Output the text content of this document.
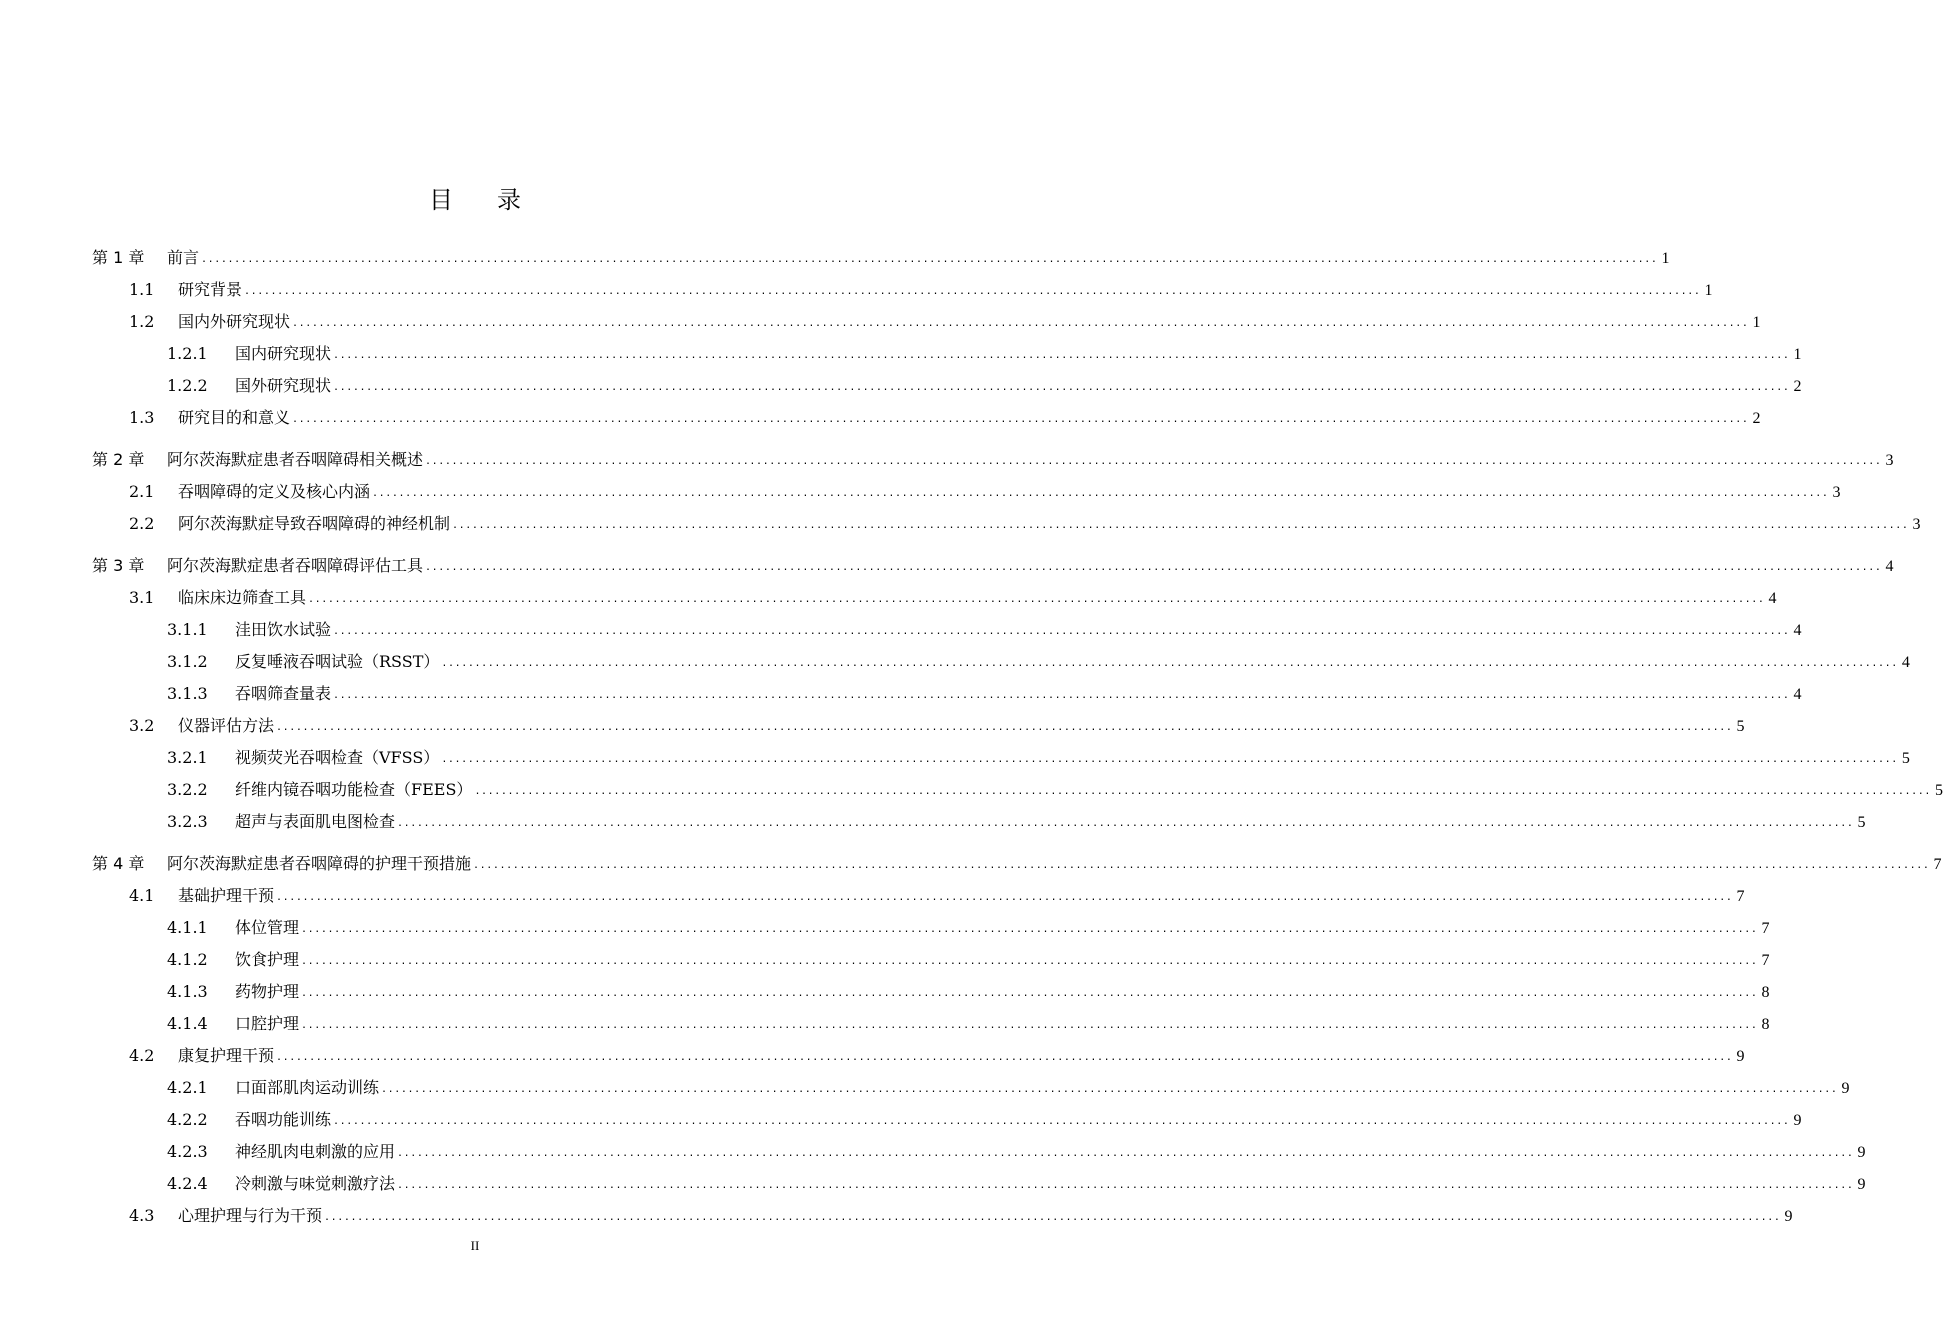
目 录
第 1 章	前言 ............................................................................................................................................................................................................................ 1
1.1	研究背景 ............................................................................................................................................................................................................................ 1
1.2	国内外研究现状 ............................................................................................................................................................................................................................ 1
1.2.1	国内研究现状 ............................................................................................................................................................................................................................ 1
1.2.2	国外研究现状 ............................................................................................................................................................................................................................ 2
1.3	研究目的和意义 ............................................................................................................................................................................................................................ 2
第 2 章	阿尔茨海默症患者吞咽障碍相关概述 ............................................................................................................................................................................................................................ 3
2.1	吞咽障碍的定义及核心内涵 ............................................................................................................................................................................................................................ 3
2.2	阿尔茨海默症导致吞咽障碍的神经机制 ............................................................................................................................................................................................................................ 3
第 3 章	阿尔茨海默症患者吞咽障碍评估工具 ............................................................................................................................................................................................................................ 4
3.1	临床床边筛查工具 ............................................................................................................................................................................................................................ 4
3.1.1	洼田饮水试验 ............................................................................................................................................................................................................................ 4
3.1.2	反复唾液吞咽试验（RSST） ............................................................................................................................................................................................................................ 4
3.1.3	吞咽筛查量表 ............................................................................................................................................................................................................................ 4
3.2	仪器评估方法 ............................................................................................................................................................................................................................ 5
3.2.1	视频荧光吞咽检查（VFSS） ............................................................................................................................................................................................................................ 5
3.2.2	纤维内镜吞咽功能检查（FEES） ............................................................................................................................................................................................................................ 5
3.2.3	超声与表面肌电图检查 ............................................................................................................................................................................................................................ 5
第 4 章	阿尔茨海默症患者吞咽障碍的护理干预措施 ............................................................................................................................................................................................................................ 7
4.1	基础护理干预 ............................................................................................................................................................................................................................ 7
4.1.1	体位管理 ............................................................................................................................................................................................................................ 7
4.1.2	饮食护理 ............................................................................................................................................................................................................................ 7
4.1.3	药物护理 ............................................................................................................................................................................................................................ 8
4.1.4	口腔护理 ............................................................................................................................................................................................................................ 8
4.2	康复护理干预 ............................................................................................................................................................................................................................ 9
4.2.1	口面部肌肉运动训练 ............................................................................................................................................................................................................................ 9
4.2.2	吞咽功能训练 ............................................................................................................................................................................................................................ 9
4.2.3	神经肌肉电刺激的应用 ............................................................................................................................................................................................................................ 9
4.2.4	冷刺激与味觉刺激疗法 ............................................................................................................................................................................................................................ 9
4.3	心理护理与行为干预 ............................................................................................................................................................................................................................ 9
II
